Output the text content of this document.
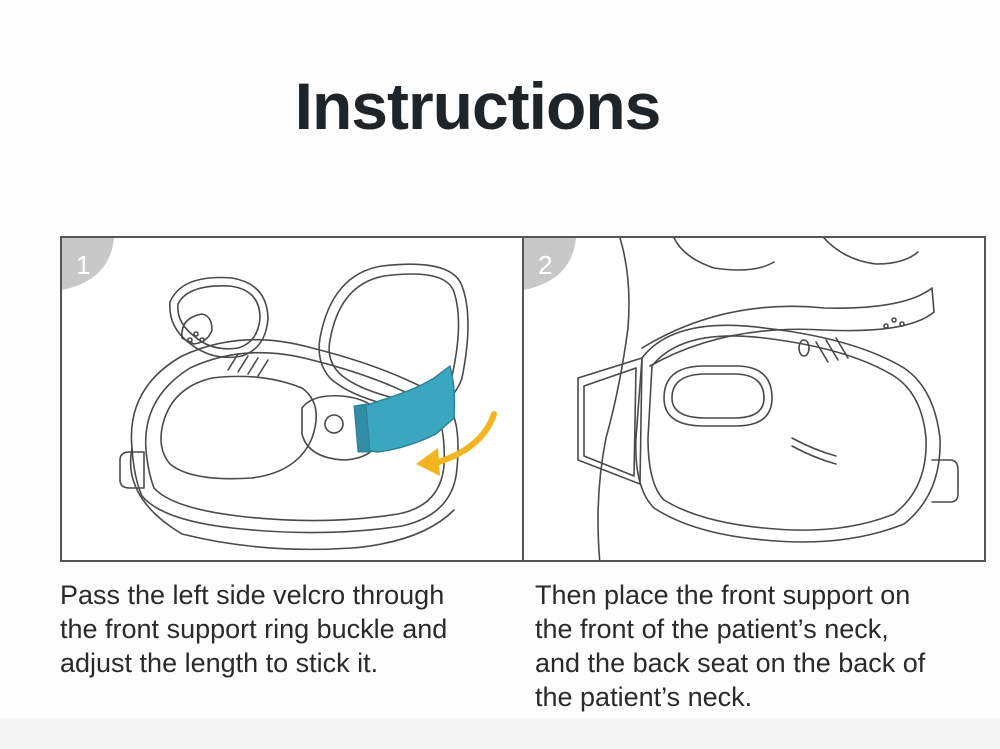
Instructions
1	2
Pass the left side velcro through
the front support ring buckle and
adjust the length to stick it.
Then place the front support on
the front of the patient’s neck,
and the back seat on the back of
the patient’s neck.
